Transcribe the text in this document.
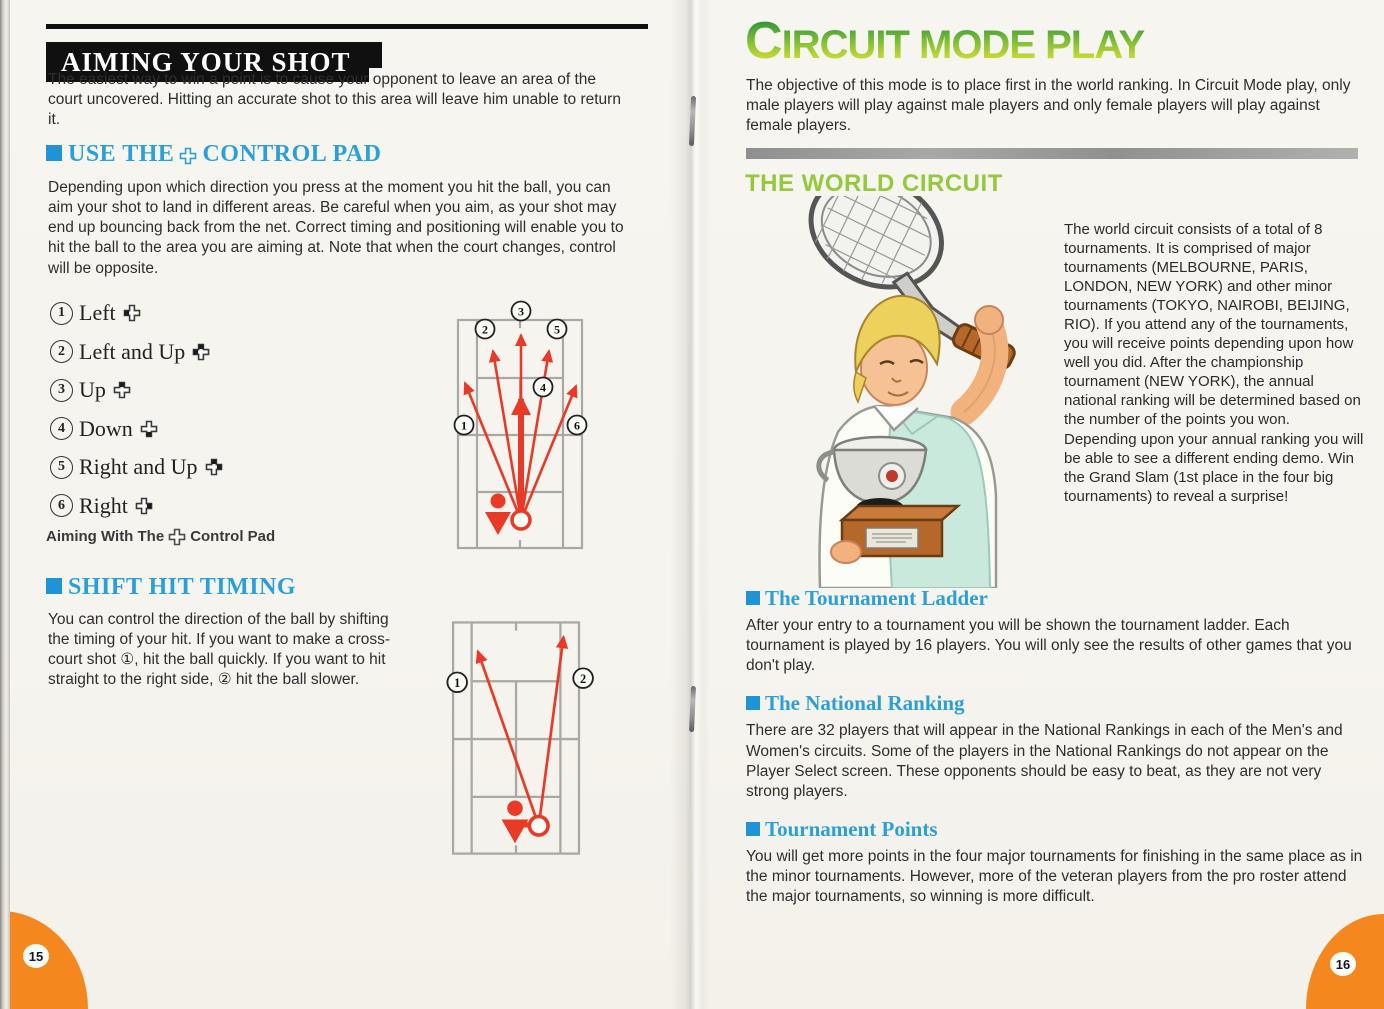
AIMING YOUR SHOT

The easiest way to win a point is to cause your opponent to leave an area of the court uncovered. Hitting an accurate shot to this area will leave him unable to return it.

USE THE CONTROL PAD

Depending upon which direction you press at the moment you hit the ball, you can aim your shot to land in different areas. Be careful when you aim, as your shot may end up bouncing back from the net. Correct timing and positioning will enable you to hit the ball to the area you are aiming at. Note that when the court changes, control will be opposite.

1 Left
2 Left and Up
3 Up
4 Down
5 Right and Up
6 Right
1
2
3
4
5
6
Aiming With The Control Pad
SHIFT HIT TIMING

You can control the direction of the ball by shifting the timing of your hit. If you want to make a cross-court shot ①, hit the ball quickly. If you want to hit straight to the right side, ② hit the ball slower.	1	2
15
CIRCUIT MODE PLAY

The objective of this mode is to place first in the world ranking. In Circuit Mode play, only male players will play against male players and only female players will play against female players.

THE WORLD CIRCUIT

The world circuit consists of a total of 8 tournaments. It is comprised of major tournaments (MELBOURNE, PARIS, LONDON, NEW YORK) and other minor tournaments (TOKYO, NAIROBI, BEIJING, RIO). If you attend any of the tournaments, you will receive points depending upon how well you did. After the championship tournament (NEW YORK), the annual national ranking will be determined based on the number of the points you won. Depending upon your annual ranking you will be able to see a different ending demo. Win the Grand Slam (1st place in the four big tournaments) to reveal a surprise!

The Tournament Ladder

After your entry to a tournament you will be shown the tournament ladder. Each tournament is played by 16 players. You will only see the results of other games that you don't play.

The National Ranking

There are 32 players that will appear in the National Rankings in each of the Men's and Women's circuits. Some of the players in the National Rankings do not appear on the Player Select screen. These opponents should be easy to beat, as they are not very strong players.

Tournament Points

You will get more points in the four major tournaments for finishing in the same place as in the minor tournaments. However, more of the veteran players from the pro roster attend the major tournaments, so winning is more difficult.

16
